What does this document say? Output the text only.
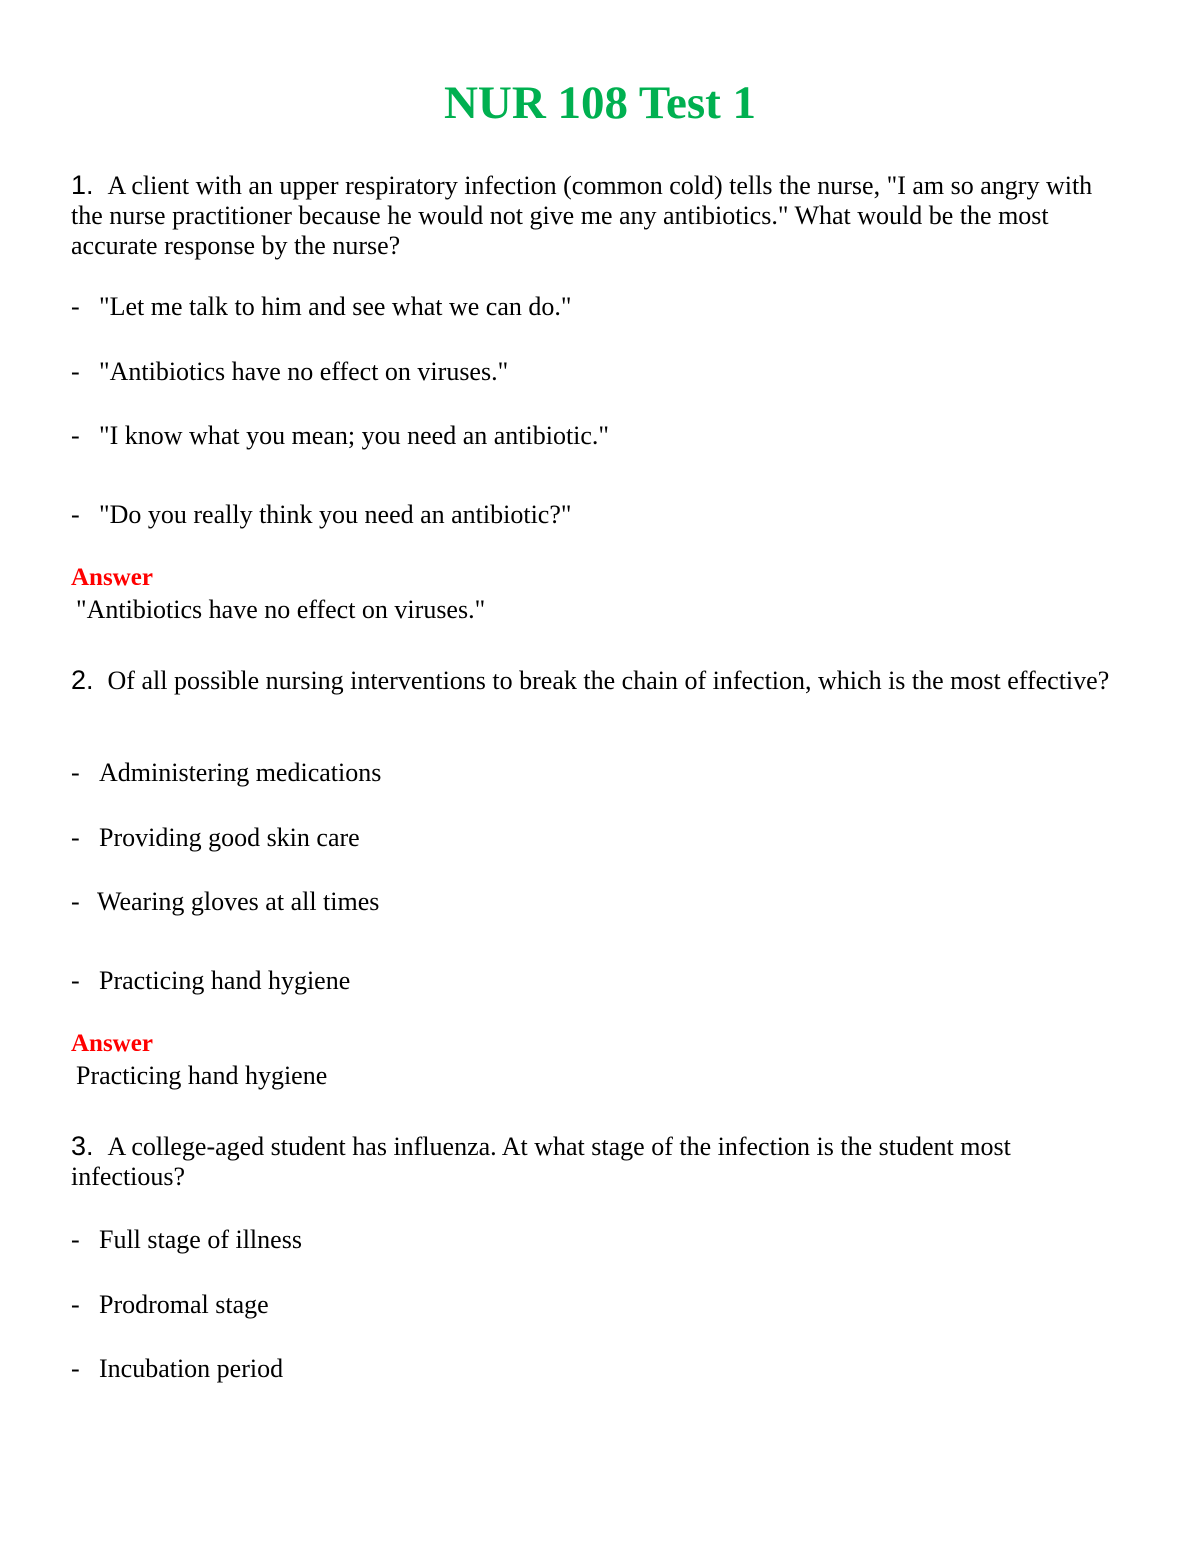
NUR 108 Test 1
1. A client with an upper respiratory infection (common cold) tells the nurse, "I am so angry with the nurse practitioner because he would not give me any antibiotics." What would be the most accurate response by the nurse?
- "Let me talk to him and see what we can do."
- "Antibiotics have no effect on viruses."
- "I know what you mean; you need an antibiotic."
- "Do you really think you need an antibiotic?"
Answer
"Antibiotics have no effect on viruses."
2. Of all possible nursing interventions to break the chain of infection, which is the most effective?
- Administering medications
- Providing good skin care
- Wearing gloves at all times
- Practicing hand hygiene
Answer
Practicing hand hygiene
3. A college-aged student has influenza. At what stage of the infection is the student most infectious?
- Full stage of illness
- Prodromal stage
- Incubation period
